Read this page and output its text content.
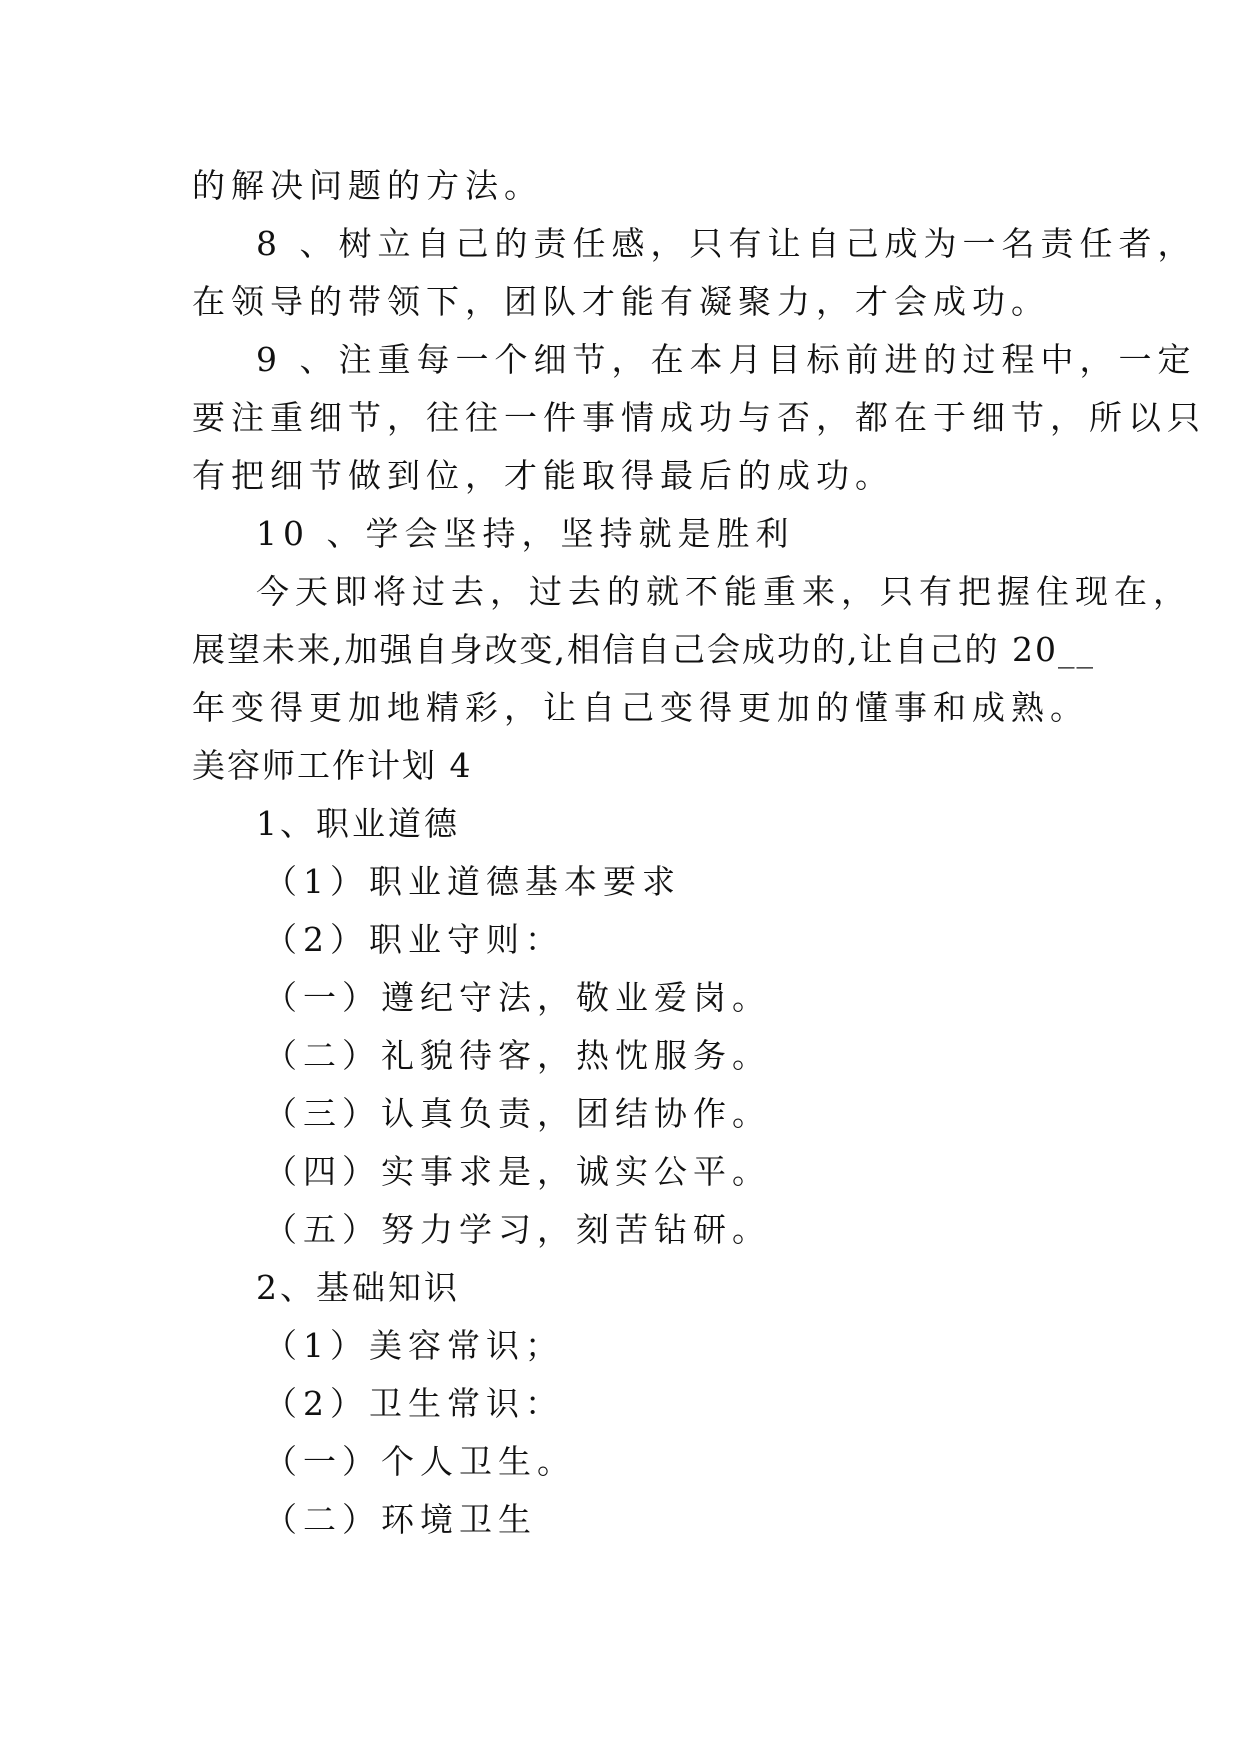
的解决问题的方法。
8 、树立自己的责任感，只有让自己成为一名责任者，
在领导的带领下，团队才能有凝聚力，才会成功。
9 、注重每一个细节，在本月目标前进的过程中，一定
要注重细节，往往一件事情成功与否，都在于细节，所以只
有把细节做到位，才能取得最后的成功。
10 、学会坚持，坚持就是胜利
今天即将过去，过去的就不能重来，只有把握住现在，
展望未来,加强自身改变,相信自己会成功的,让自己的 20__
年变得更加地精彩，让自己变得更加的懂事和成熟。
美容师工作计划 4
1、职业道德
（1）职业道德基本要求
（2）职业守则：
（一）遵纪守法，敬业爱岗。
（二）礼貌待客，热忱服务。
（三）认真负责，团结协作。
（四）实事求是，诚实公平。
（五）努力学习，刻苦钻研。
2、基础知识
（1）美容常识；
（2）卫生常识：
（一）个人卫生。
（二）环境卫生
